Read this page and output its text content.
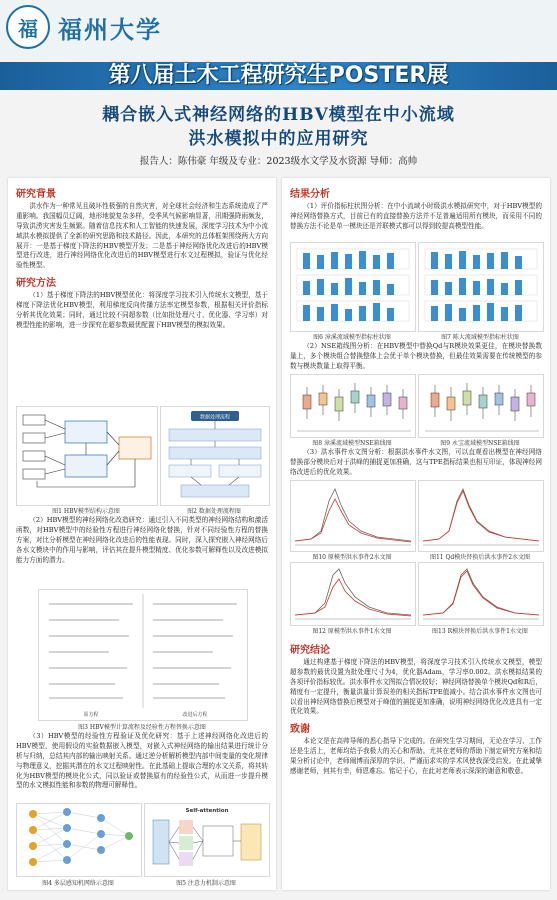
福 福州大学
第八届土木工程研究生POSTER展
耦合嵌入式神经网络的HBV模型在中小流域
洪水模拟中的应用研究
报告人：陈伟豪 年级及专业：2023级水文学及水资源 导师：高帅
研究背景

洪水作为一种常见且破坏性极强的自然灾害，对全球社会经济和生态系统造成了严重影响。我国幅员辽阔，地形地貌复杂多样，受季风气候影响显著，汛期强降雨频发，导致洪涝灾害发生频繁。随着信息技术和人工智能的快速发展，深度学习技术为中小流域洪水模拟提供了全新的研究思路和技术路径。因此，本研究的总体框架围绕两大方向展开：一是基于梯度下降法的HBV模型开发；二是基于神经网络优化改进后的HBV模型进行改进，进行神经网络优化改进后的HBV模型进行水文过程模拟，验证与优化经验性模型。

研究方法

（1）基于梯度下降法的HBV模型优化：将深度学习技术引入传统水文模型，基于梯度下降法优化HBV模型，利用梯度反向传播方法率定模型参数，根据相关评价指标分析其优化效果；同时，通过比较不同超参数（比如批处理尺寸、优化器、学习率）对模型性能的影响，进一步探究在超参数最优配置下HBV模型的模拟效果。

数据处理流程
图1 HBV模型结构示意图	图2 数据处理流程图

（2）HBV模型的神经网络化改造研究：通过引入不同类型的神经网络结构和激活函数，对HBV模型中的经验性方程进行神经网络化替换，针对不同经验性方程的替换方案，对比分析模型在神经网络化改进后的性能表现。同时，深入探究嵌入神经网络后各水文模块中的作用与影响，评估其在提升模型精度、优化参数可解释性以及改进模拟能力方面的潜力。

原方程	改进后方程
图3 HBV模型计算流程及经验性方程替换示意图

（3）HBV模型的经验性方程验证及优化研究：基于上述神经网络化改进后的HBV模型，使用假设的实验数据嵌入模型，对嵌入式神经网络的输出结果进行统计分析与归纳，总结其内部的输出映射关系。通过逆分析解析模型内部中间变量的变化规律与物理意义，挖掘其潜在的水文过程映射性。在此基础上提取合理的水文关系，将其转化为HBV模型的模块化公式，同以验证或替换原有的经验性公式，从而进一步提升模型的水文模拟性能和参数的物理可解释性。

Self-attention
图4 多层感知机网络示意图	图5 注意力机制示意图
结果分析

（1）评价指标柱状图分析：在中小流域小时级洪水模拟研究中，对于HBV模型的神经网络替换方式，目前已有的直接替换方法并不足普遍适用所有模块，而采用不同的替换方法不论是单一模块还是并联模式都可以得到较提高模型性能。

图6 漳溪流域模型指标柱状图	图7 陈大流域模型指标柱状图

（2）NSE箱线图分析：在HBV模型中替换Qd与R模块效果更佳，在模块替换数量上，多个模块组合替换整体上会优于单个模块替换，但最佳效果需要在传统模型的参数与模块数量上取得平衡。

图8 漳溪流域模型NSE箱线图	图9 永宝流域模型NSE箱线图

（3）洪水事件水文图分析：根据洪水事件水文图，可以直观看出模型在神经网络替换部分模块后对于洪峰的捕捉更加准确，这与TPE指标结果也相互印证，体现神经网络改进后的优化效果。

图10 原模型洪水事件2水文图	图11 Qd模块替换后洪水事件2水文图
图12 原模型洪水事件1水文图	图13 R模块替换后洪水事件1水文图
研究结论

通过构建基于梯度下降法的HBV模型，将深度学习技术引入传统水文模型，模型超参数的最优设置为批处理尺寸为4，优化器Adam，学习率0.002。洪水模拟结果的各项评价指标较优。洪水事件水文图拟合情况较好；神经网络替换单个模块Qd和R后，精度有一定提升，衡量洪量计算误差的相关指标TPE值减小。结合洪水事件水文图也可以看出神经网络替换后模型对于峰值的捕捉更加准确，说明神经网络优化改进具有一定优化效果。

致谢

本论文是在高帅导师的悉心指导下完成的。在研究生学习期间，无论在学习、工作还是生活上，老师均给予我极大的关心和帮助。尤其在老师的帮助下制定研究方案和结果分析讨论中，老师阐博而深厚的学识、严谨而求实的学术风使我深受启发。在此诚挚感谢老师，何其有幸，师恩难忘。铭记于心，在此对老师表示深深的谢意和敬意。
